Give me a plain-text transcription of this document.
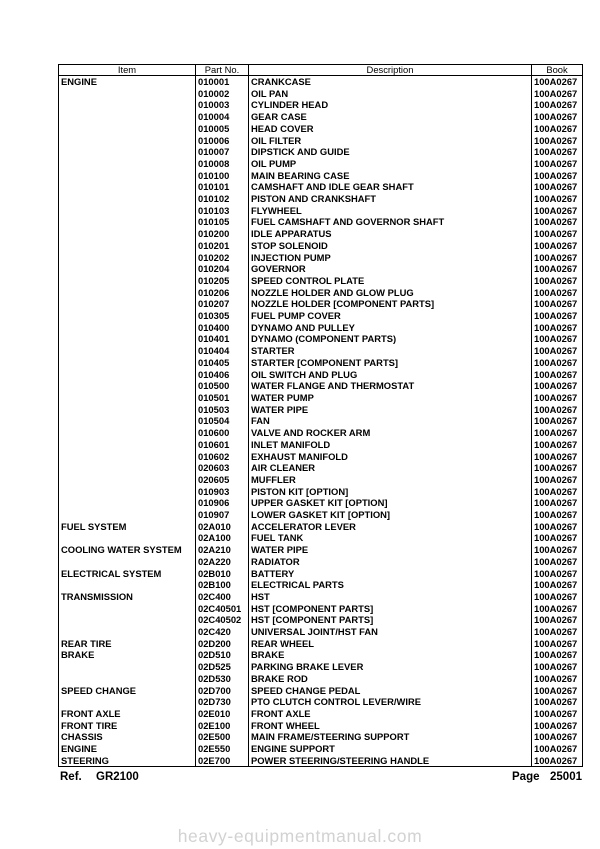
Item	Part No.	Description	Book
ENGINE	010001	CRANKCASE	100A0267
	010002	OIL PAN	100A0267
	010003	CYLINDER HEAD	100A0267
	010004	GEAR CASE	100A0267
	010005	HEAD COVER	100A0267
	010006	OIL FILTER	100A0267
	010007	DIPSTICK AND GUIDE	100A0267
	010008	OIL PUMP	100A0267
	010100	MAIN BEARING CASE	100A0267
	010101	CAMSHAFT AND IDLE GEAR SHAFT	100A0267
	010102	PISTON AND CRANKSHAFT	100A0267
	010103	FLYWHEEL	100A0267
	010105	FUEL CAMSHAFT AND GOVERNOR SHAFT	100A0267
	010200	IDLE APPARATUS	100A0267
	010201	STOP SOLENOID	100A0267
	010202	INJECTION PUMP	100A0267
	010204	GOVERNOR	100A0267
	010205	SPEED CONTROL PLATE	100A0267
	010206	NOZZLE HOLDER AND GLOW PLUG	100A0267
	010207	NOZZLE HOLDER [COMPONENT PARTS]	100A0267
	010305	FUEL PUMP COVER	100A0267
	010400	DYNAMO AND PULLEY	100A0267
	010401	DYNAMO (COMPONENT PARTS)	100A0267
	010404	STARTER	100A0267
	010405	STARTER [COMPONENT PARTS]	100A0267
	010406	OIL SWITCH AND PLUG	100A0267
	010500	WATER FLANGE AND THERMOSTAT	100A0267
	010501	WATER PUMP	100A0267
	010503	WATER PIPE	100A0267
	010504	FAN	100A0267
	010600	VALVE AND ROCKER ARM	100A0267
	010601	INLET MANIFOLD	100A0267
	010602	EXHAUST MANIFOLD	100A0267
	020603	AIR CLEANER	100A0267
	020605	MUFFLER	100A0267
	010903	PISTON KIT [OPTION]	100A0267
	010906	UPPER GASKET KIT [OPTION]	100A0267
	010907	LOWER GASKET KIT [OPTION]	100A0267
FUEL SYSTEM	02A010	ACCELERATOR LEVER	100A0267
	02A100	FUEL TANK	100A0267
COOLING WATER SYSTEM	02A210	WATER PIPE	100A0267
	02A220	RADIATOR	100A0267
ELECTRICAL SYSTEM	02B010	BATTERY	100A0267
	02B100	ELECTRICAL PARTS	100A0267
TRANSMISSION	02C400	HST	100A0267
	02C40501	HST [COMPONENT PARTS]	100A0267
	02C40502	HST [COMPONENT PARTS]	100A0267
	02C420	UNIVERSAL JOINT/HST FAN	100A0267
REAR TIRE	02D200	REAR WHEEL	100A0267
BRAKE	02D510	BRAKE	100A0267
	02D525	PARKING BRAKE LEVER	100A0267
	02D530	BRAKE ROD	100A0267
SPEED CHANGE	02D700	SPEED CHANGE PEDAL	100A0267
	02D730	PTO CLUTCH CONTROL LEVER/WIRE	100A0267
FRONT AXLE	02E010	FRONT AXLE	100A0267
FRONT TIRE	02E100	FRONT WHEEL	100A0267
CHASSIS	02E500	MAIN FRAME/STEERING SUPPORT	100A0267
ENGINE	02E550	ENGINE SUPPORT	100A0267
STEERING	02E700	POWER STEERING/STEERING HANDLE	100A0267
Ref. GR2100	Page 25001
heavy-equipmentmanual.com
